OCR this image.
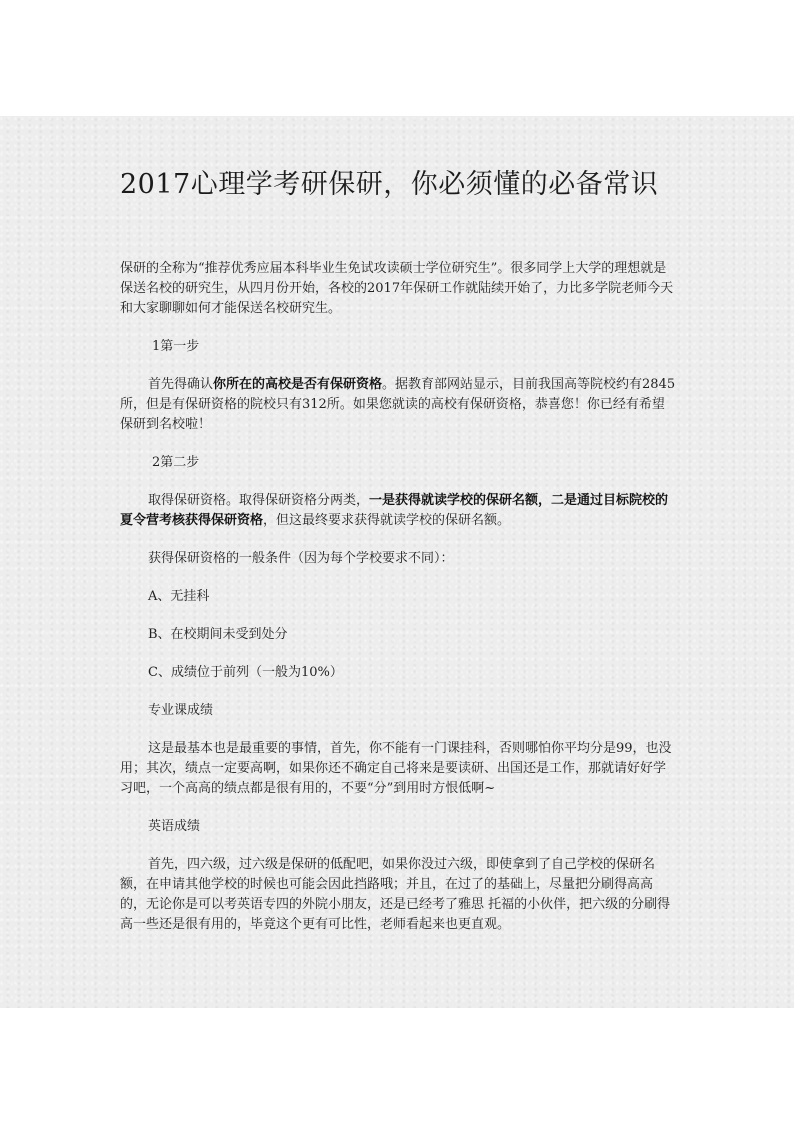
2017心理学考研保研，你必须懂的必备常识

保研的全称为“推荐优秀应届本科毕业生免试攻读硕士学位研究生”。很多同学上大学的理想就是保送名校的研究生，从四月份开始，各校的2017年保研工作就陆续开始了，力比多学院老师今天和大家聊聊如何才能保送名校研究生。

1第一步

首先得确认你所在的高校是否有保研资格。据教育部网站显示，目前我国高等院校约有2845所，但是有保研资格的院校只有312所。如果您就读的高校有保研资格，恭喜您！你已经有希望保研到名校啦！

2第二步

取得保研资格。取得保研资格分两类，一是获得就读学校的保研名额，二是通过目标院校的夏令营考核获得保研资格，但这最终要求获得就读学校的保研名额。

获得保研资格的一般条件（因为每个学校要求不同）：

A、无挂科

B、在校期间未受到处分

C、成绩位于前列（一般为10%）

专业课成绩

这是最基本也是最重要的事情，首先，你不能有一门课挂科，否则哪怕你平均分是99，也没用；其次，绩点一定要高啊，如果你还不确定自己将来是要读研、出国还是工作，那就请好好学习吧，一个高高的绩点都是很有用的，不要“分”到用时方恨低啊~

英语成绩

首先，四六级，过六级是保研的低配吧，如果你没过六级，即使拿到了自己学校的保研名额，在申请其他学校的时候也可能会因此挡路哦；并且，在过了的基础上，尽量把分刷得高高的，无论你是可以考英语专四的外院小朋友，还是已经考了雅思 托福的小伙伴，把六级的分刷得高一些还是很有用的，毕竟这个更有可比性，老师看起来也更直观。
